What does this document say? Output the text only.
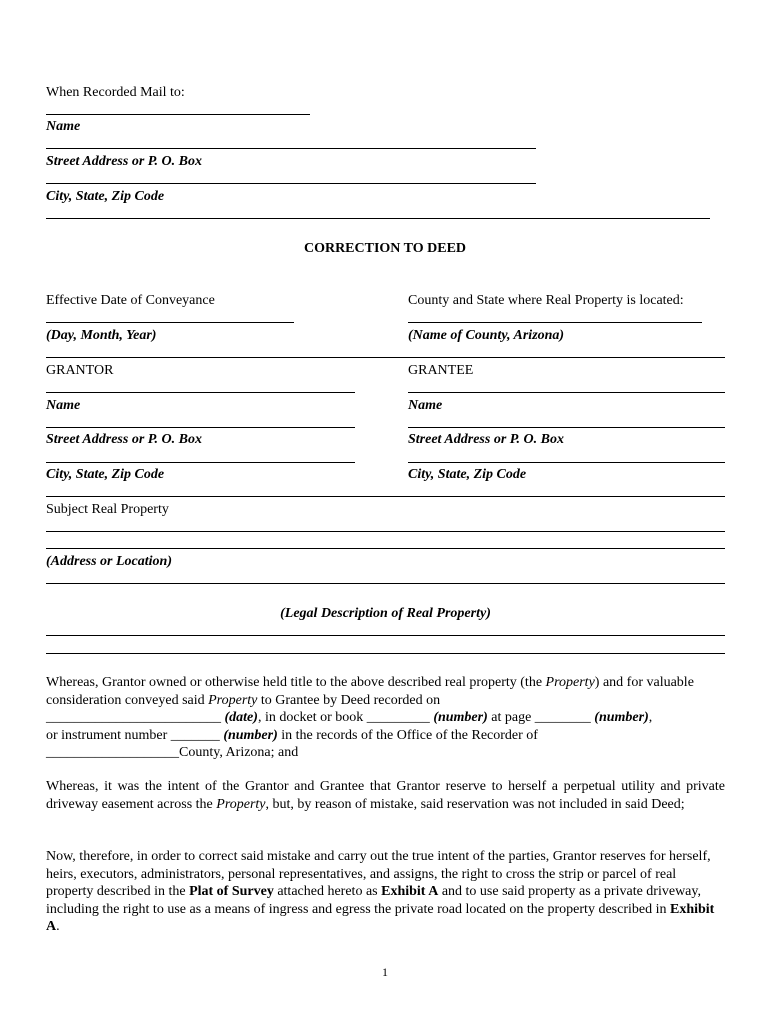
When Recorded Mail to:
Name
Street Address or P. O. Box
City, State, Zip Code
CORRECTION TO DEED
Effective Date of Conveyance	County and State where Real Property is located:
(Day, Month, Year)	(Name of County, Arizona)
GRANTOR	GRANTEE
Name	Name
Street Address or P. O. Box	Street Address or P. O. Box
City, State, Zip Code	City, State, Zip Code
Subject Real Property
(Address or Location)
(Legal Description of Real Property)
Whereas, Grantor owned or otherwise held title to the above described real property (the Property) and for valuable consideration conveyed said Property to Grantee by Deed recorded on
_________________________ (date), in docket or book _________ (number) at page ________ (number),
or instrument number _______ (number) in the records of the Office of the Recorder of
___________________County, Arizona; and
Whereas, it was the intent of the Grantor and Grantee that Grantor reserve to herself a perpetual utility and private driveway easement across the Property, but, by reason of mistake, said reservation was not included in said Deed;
Now, therefore, in order to correct said mistake and carry out the true intent of the parties, Grantor reserves for herself, heirs, executors, administrators, personal representatives, and assigns, the right to cross the strip or parcel of real property described in the Plat of Survey attached hereto as Exhibit A and to use said property as a private driveway, including the right to use as a means of ingress and egress the private road located on the property described in Exhibit A.
1
